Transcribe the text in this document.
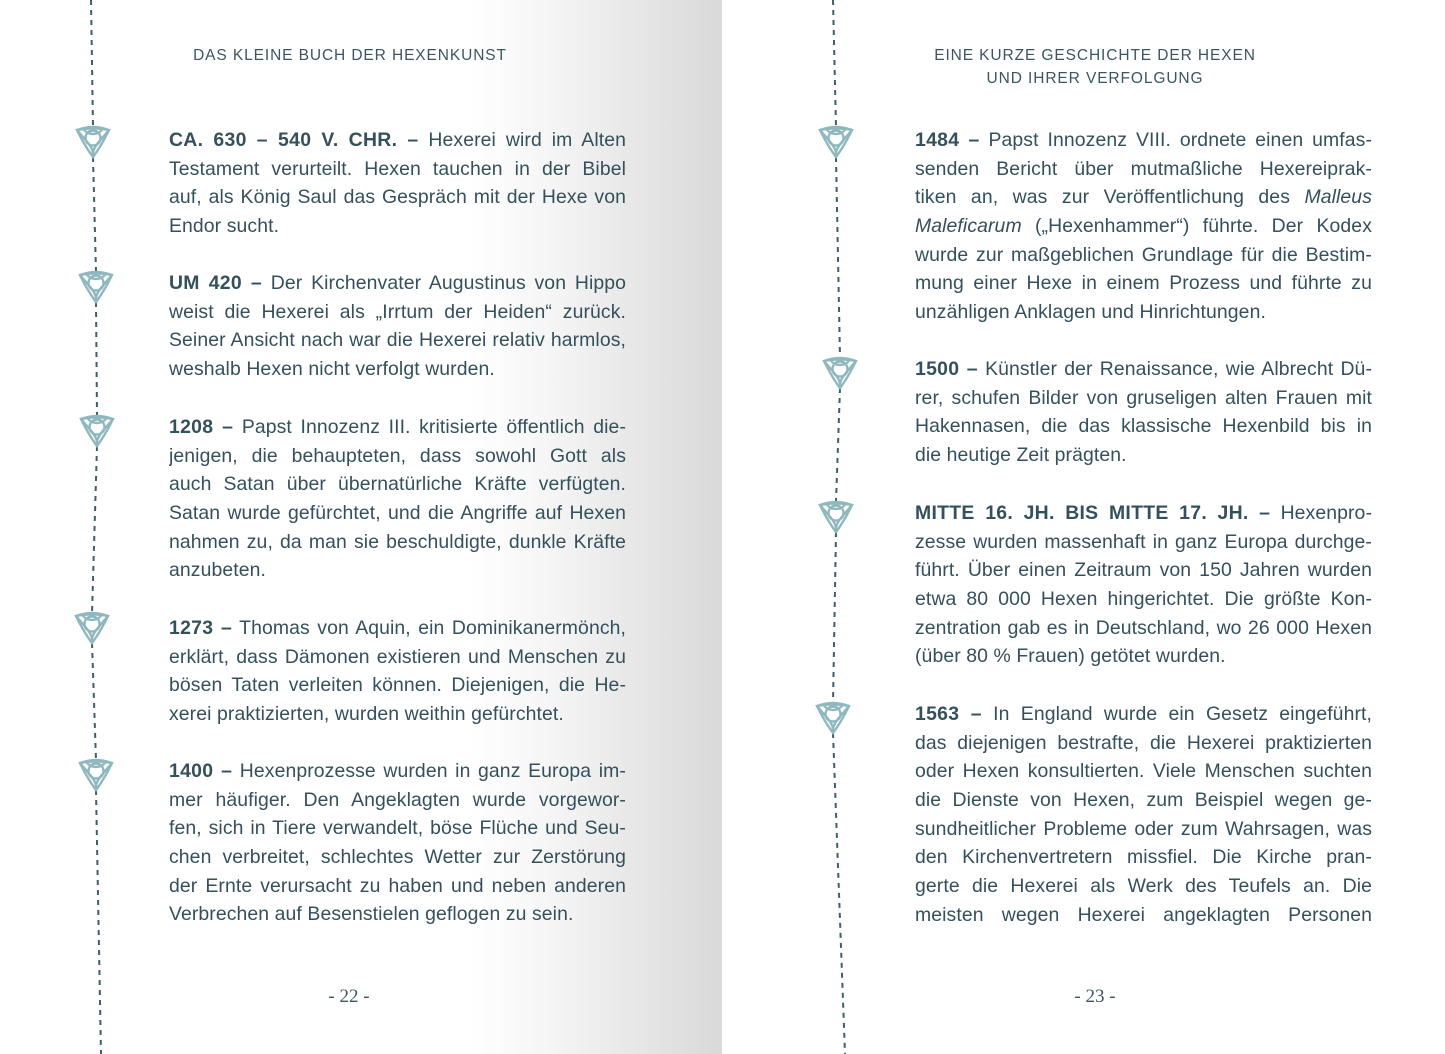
DAS KLEINE BUCH DER HEXENKUNST
CA. 630 – 540 V. CHR. – Hexerei wird im Alten
Testament verurteilt. Hexen tauchen in der Bibel
auf, als König Saul das Gespräch mit der Hexe von
Endor sucht.
UM 420 – Der Kirchenvater Augustinus von Hippo
weist die Hexerei als „Irrtum der Heiden“ zurück.
Seiner Ansicht nach war die Hexerei relativ harmlos,
weshalb Hexen nicht verfolgt wurden.
1208 – Papst Innozenz III. kritisierte öffentlich die-
jenigen, die behaupteten, dass sowohl Gott als
auch Satan über übernatürliche Kräfte verfügten.
Satan wurde gefürchtet, und die Angriffe auf Hexen
nahmen zu, da man sie beschuldigte, dunkle Kräfte
anzubeten.
1273 – Thomas von Aquin, ein Dominikanermönch,
erklärt, dass Dämonen existieren und Menschen zu
bösen Taten verleiten können. Diejenigen, die He-
xerei praktizierten, wurden weithin gefürchtet.
1400 – Hexenprozesse wurden in ganz Europa im-
mer häufiger. Den Angeklagten wurde vorgewor-
fen, sich in Tiere verwandelt, böse Flüche und Seu-
chen verbreitet, schlechtes Wetter zur Zerstörung
der Ernte verursacht zu haben und neben anderen
Verbrechen auf Besenstielen geflogen zu sein.
- 22 -
EINE KURZE GESCHICHTE DER HEXEN
UND IHRER VERFOLGUNG
1484 – Papst Innozenz VIII. ordnete einen umfas-
senden Bericht über mutmaßliche Hexereiprak-
tiken an, was zur Veröffentlichung des Malleus
Maleficarum („Hexenhammer“) führte. Der Kodex
wurde zur maßgeblichen Grundlage für die Bestim-
mung einer Hexe in einem Prozess und führte zu
unzähligen Anklagen und Hinrichtungen.
1500 – Künstler der Renaissance, wie Albrecht Dü-
rer, schufen Bilder von gruseligen alten Frauen mit
Hakennasen, die das klassische Hexenbild bis in
die heutige Zeit prägten.
MITTE 16. JH. BIS MITTE 17. JH. – Hexenpro-
zesse wurden massenhaft in ganz Europa durchge-
führt. Über einen Zeitraum von 150 Jahren wurden
etwa 80 000 Hexen hingerichtet. Die größte Kon-
zentration gab es in Deutschland, wo 26 000 Hexen
(über 80 % Frauen) getötet wurden.
1563 – In England wurde ein Gesetz eingeführt,
das diejenigen bestrafte, die Hexerei praktizierten
oder Hexen konsultierten. Viele Menschen suchten
die Dienste von Hexen, zum Beispiel wegen ge-
sundheitlicher Probleme oder zum Wahrsagen, was
den Kirchenvertretern missfiel. Die Kirche pran-
gerte die Hexerei als Werk des Teufels an. Die
meisten wegen Hexerei angeklagten Personen
- 23 -
